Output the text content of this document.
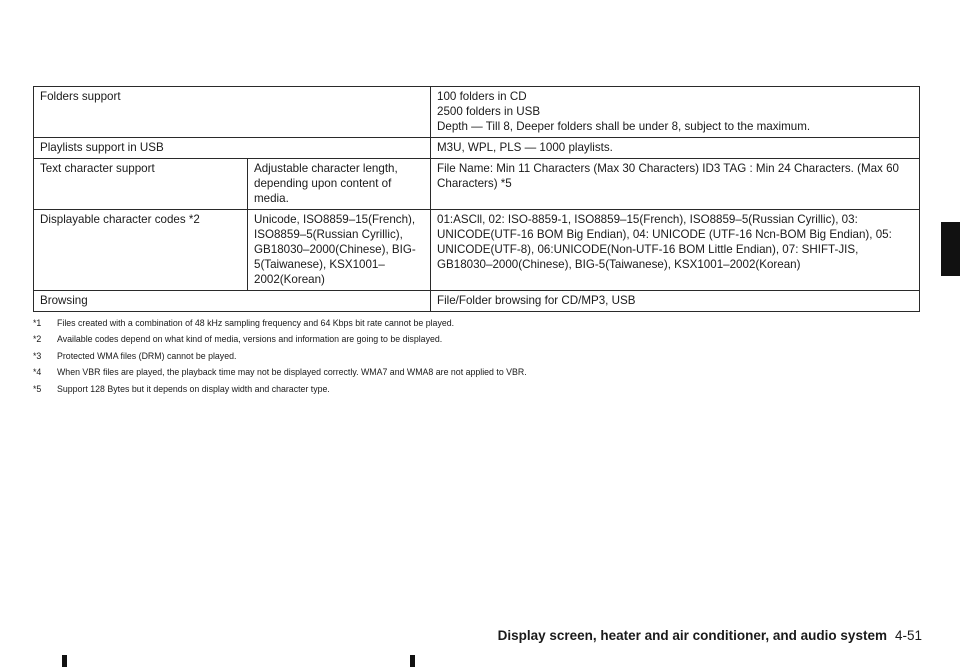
Folders support		100 folders in CD
2500 folders in USB
Depth — Till 8, Deeper folders shall be under 8, subject to the maximum.
Playlists support in USB		M3U, WPL, PLS — 1000 playlists.
Text character support	Adjustable character length, depending upon content of media.	File Name: Min 11 Characters (Max 30 Characters) ID3 TAG : Min 24 Characters. (Max 60 Characters) *5
Displayable character codes *2	Unicode, ISO8859–15(French), ISO8859–5(Russian Cyrillic), GB18030–2000(Chinese), BIG-5(Taiwanese), KSX1001–2002(Korean)	01:ASCll, 02: ISO-8859-1, ISO8859–15(French), ISO8859–5(Russian Cyrillic), 03: UNICODE(UTF-16 BOM Big Endian), 04: UNICODE (UTF-16 Ncn-BOM Big Endian), 05: UNICODE(UTF-8), 06:UNICODE(Non-UTF-16 BOM Little Endian), 07: SHIFT-JIS, GB18030–2000(Chinese), BIG-5(Taiwanese), KSX1001–2002(Korean)
Browsing		File/Folder browsing for CD/MP3, USB
*1 Files created with a combination of 48 kHz sampling frequency and 64 Kbps bit rate cannot be played.
*2 Available codes depend on what kind of media, versions and information are going to be displayed.
*3 Protected WMA files (DRM) cannot be played.
*4 When VBR files are played, the playback time may not be displayed correctly. WMA7 and WMA8 are not applied to VBR.
*5 Support 128 Bytes but it depends on display width and character type.
Display screen, heater and air conditioner, and audio system 4-51
